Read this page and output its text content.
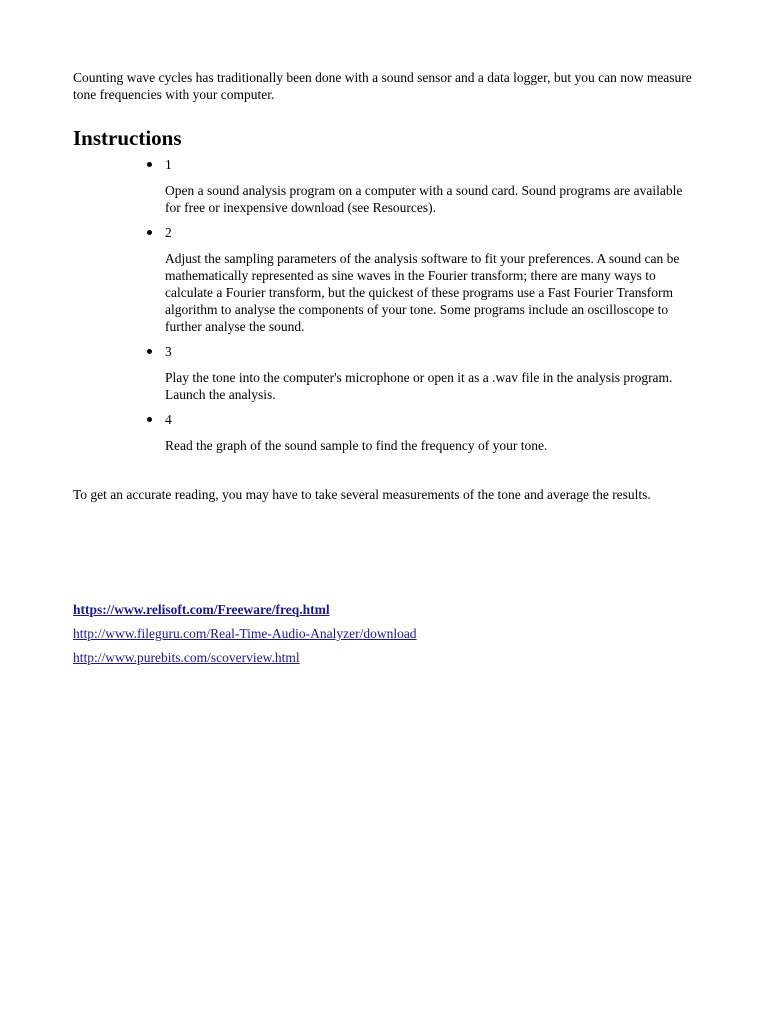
Counting wave cycles has traditionally been done with a sound sensor and a data logger, but you can now measure tone frequencies with your computer.

Instructions
1

Open a sound analysis program on a computer with a sound card. Sound programs are available for free or inexpensive download (see Resources).

2

Adjust the sampling parameters of the analysis software to fit your preferences. A sound can be mathematically represented as sine waves in the Fourier transform; there are many ways to calculate a Fourier transform, but the quickest of these programs use a Fast Fourier Transform algorithm to analyse the components of your tone. Some programs include an oscilloscope to further analyse the sound.

3

Play the tone into the computer's microphone or open it as a .wav file in the analysis program. Launch the analysis.

4

Read the graph of the sound sample to find the frequency of your tone.

To get an accurate reading, you may have to take several measurements of the tone and average the results.

https://www.relisoft.com/Freeware/freq.html
http://www.fileguru.com/Real-Time-Audio-Analyzer/download
http://www.purebits.com/scoverview.html
